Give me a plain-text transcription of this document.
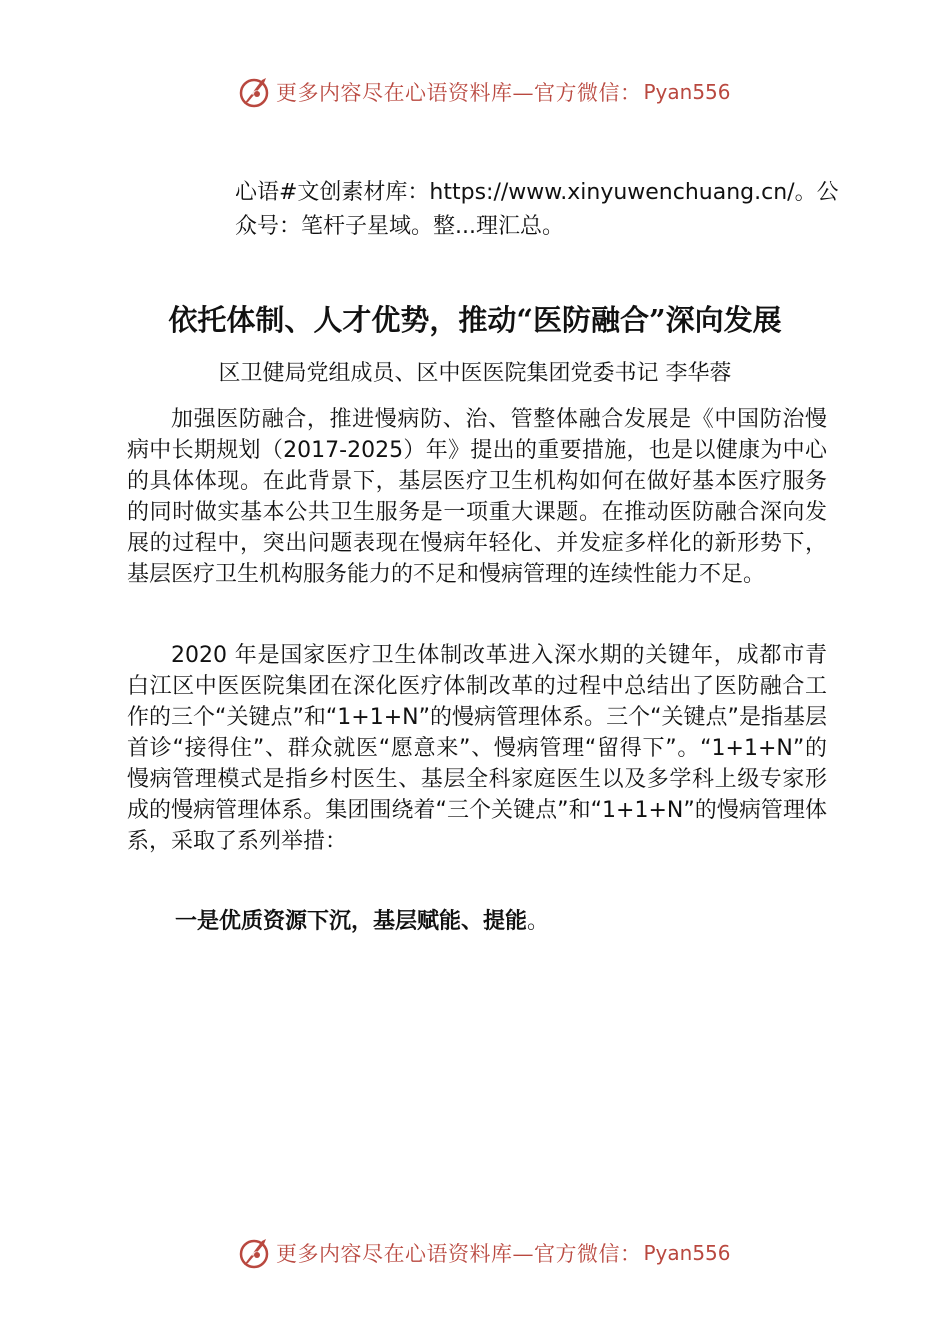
更多内容尽在心语资料库—官方微信： Pyan556
心语#文创素材库：https://www.xinyuwenchuang.cn/。公众号：笔杆子星域。整...理汇总。
依托体制、人才优势，推动“医防融合”深向发展
区卫健局党组成员、区中医医院集团党委书记 李华蓉

加强医防融合，推进慢病防、治、管整体融合发展是《中国防治慢病中长期规划（2017-2025）年》提出的重要措施，也是以健康为中心的具体体现。在此背景下，基层医疗卫生机构如何在做好基本医疗服务的同时做实基本公共卫生服务是一项重大课题。在推动医防融合深向发展的过程中，突出问题表现在慢病年轻化、并发症多样化的新形势下，基层医疗卫生机构服务能力的不足和慢病管理的连续性能力不足。

2020 年是国家医疗卫生体制改革进入深水期的关键年，成都市青白江区中医医院集团在深化医疗体制改革的过程中总结出了医防融合工作的三个“关键点”和“1+1+N”的慢病管理体系。三个“关键点”是指基层首诊“接得住”、群众就医“愿意来”、慢病管理“留得下”。“1+1+N”的慢病管理模式是指乡村医生、基层全科家庭医生以及多学科上级专家形成的慢病管理体系。集团围绕着“三个关键点”和“1+1+N”的慢病管理体系，采取了系列举措：

一是优质资源下沉，基层赋能、提能。
更多内容尽在心语资料库—官方微信： Pyan556
